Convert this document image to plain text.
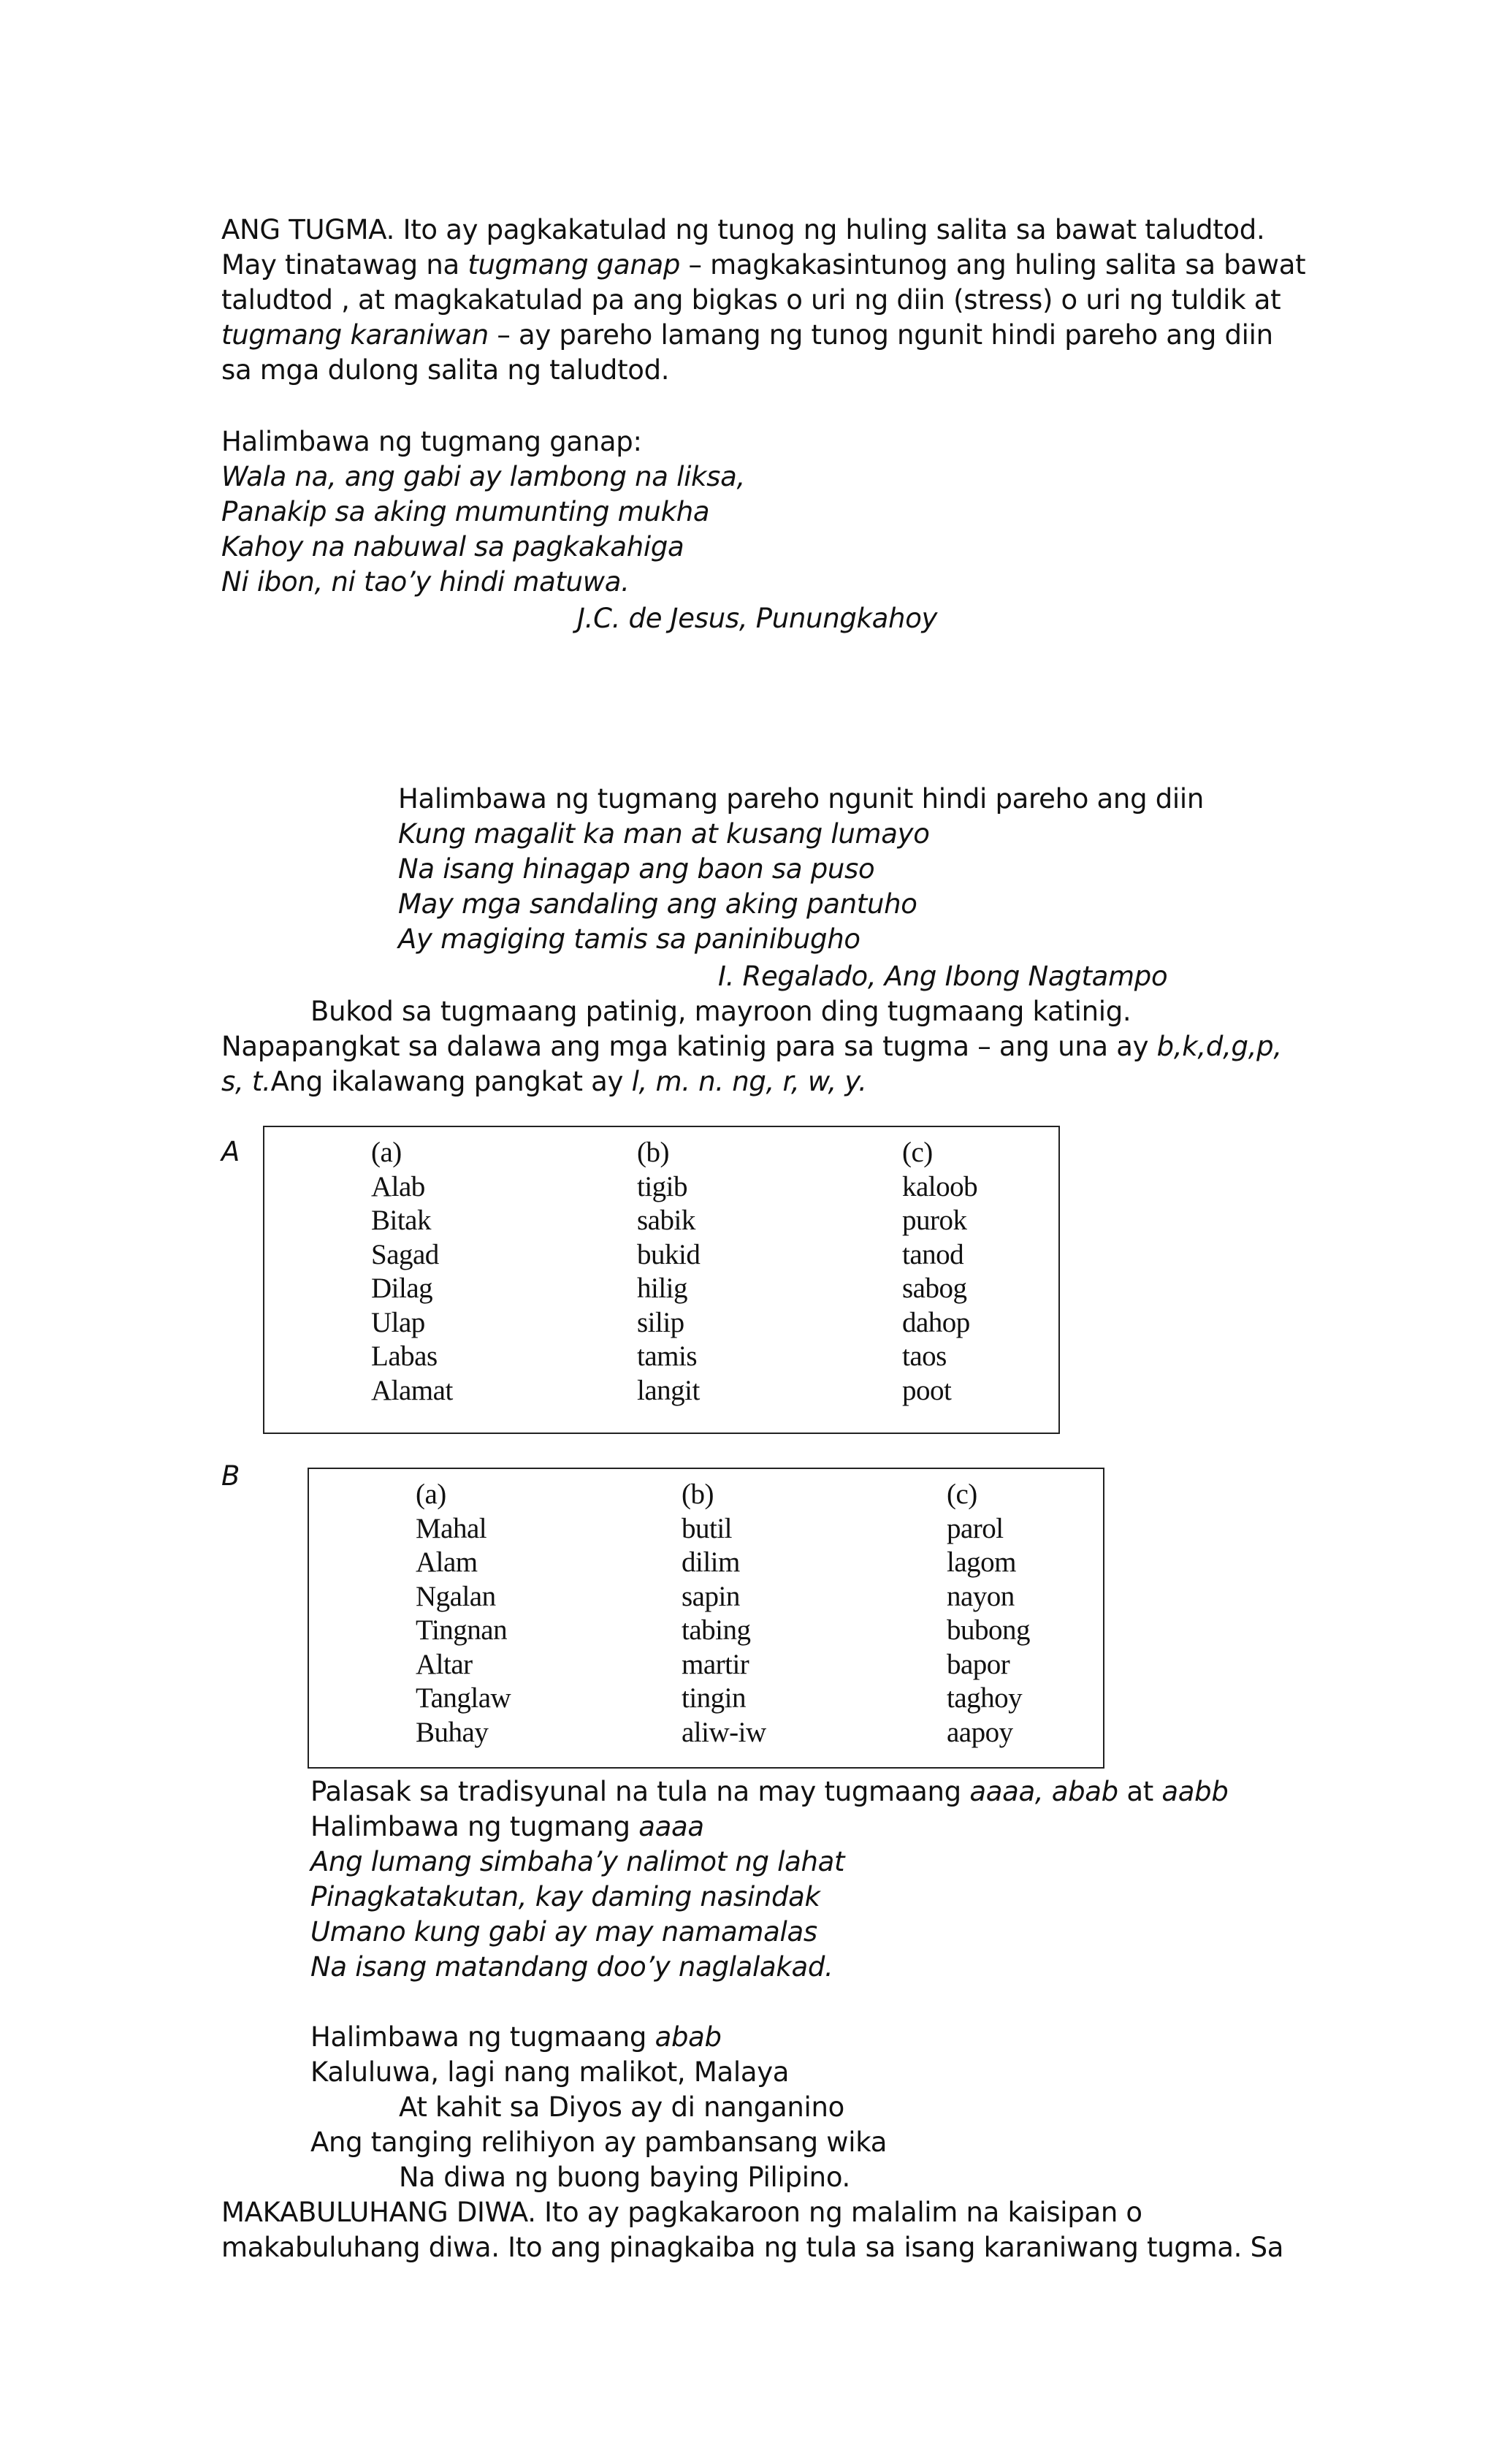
ANG TUGMA. Ito ay pagkakatulad ng tunog ng huling salita sa bawat taludtod.
May tinatawag na tugmang ganap – magkakasintunog ang huling salita sa bawat
taludtod , at magkakatulad pa ang bigkas o uri ng diin (stress) o uri ng tuldik at
tugmang karaniwan – ay pareho lamang ng tunog ngunit hindi pareho ang diin
sa mga dulong salita ng taludtod.
Halimbawa ng tugmang ganap:
Wala na, ang gabi ay lambong na liksa,
Panakip sa aking mumunting mukha
Kahoy na nabuwal sa pagkakahiga
Ni ibon, ni tao’y hindi matuwa.
J.C. de Jesus, Punungkahoy
Halimbawa ng tugmang pareho ngunit hindi pareho ang diin
Kung magalit ka man at kusang lumayo
Na isang hinagap ang baon sa puso
May mga sandaling ang aking pantuho
Ay magiging tamis sa paninibugho
I. Regalado, Ang Ibong Nagtampo
Bukod sa tugmaang patinig, mayroon ding tugmaang katinig.
Napapangkat sa dalawa ang mga katinig para sa tugma – ang una ay b,k,d,g,p,
s, t.Ang ikalawang pangkat ay l, m. n. ng, r, w, y.
A	(a)
Alab
Bitak
Sagad
Dilag
Ulap
Labas
Alamat
(b)
tigib
sabik
bukid
hilig
silip
tamis
langit
(c)
kaloob
purok
tanod
sabog
dahop
taos
poot
B
(a)
Mahal
Alam
Ngalan
Tingnan
Altar
Tanglaw
Buhay
(b)
butil
dilim
sapin
tabing
martir
tingin
aliw-iw
(c)
parol
lagom
nayon
bubong
bapor
taghoy
aapoy
Palasak sa tradisyunal na tula na may tugmaang aaaa, abab at aabb
Halimbawa ng tugmang aaaa
Ang lumang simbaha’y nalimot ng lahat
Pinagkatakutan, kay daming nasindak
Umano kung gabi ay may namamalas
Na isang matandang doo’y naglalakad.
Halimbawa ng tugmaang abab
Kaluluwa, lagi nang malikot, Malaya
At kahit sa Diyos ay di nanganino
Ang tanging relihiyon ay pambansang wika
Na diwa ng buong baying Pilipino.
MAKABULUHANG DIWA. Ito ay pagkakaroon ng malalim na kaisipan o
makabuluhang diwa. Ito ang pinagkaiba ng tula sa isang karaniwang tugma. Sa
